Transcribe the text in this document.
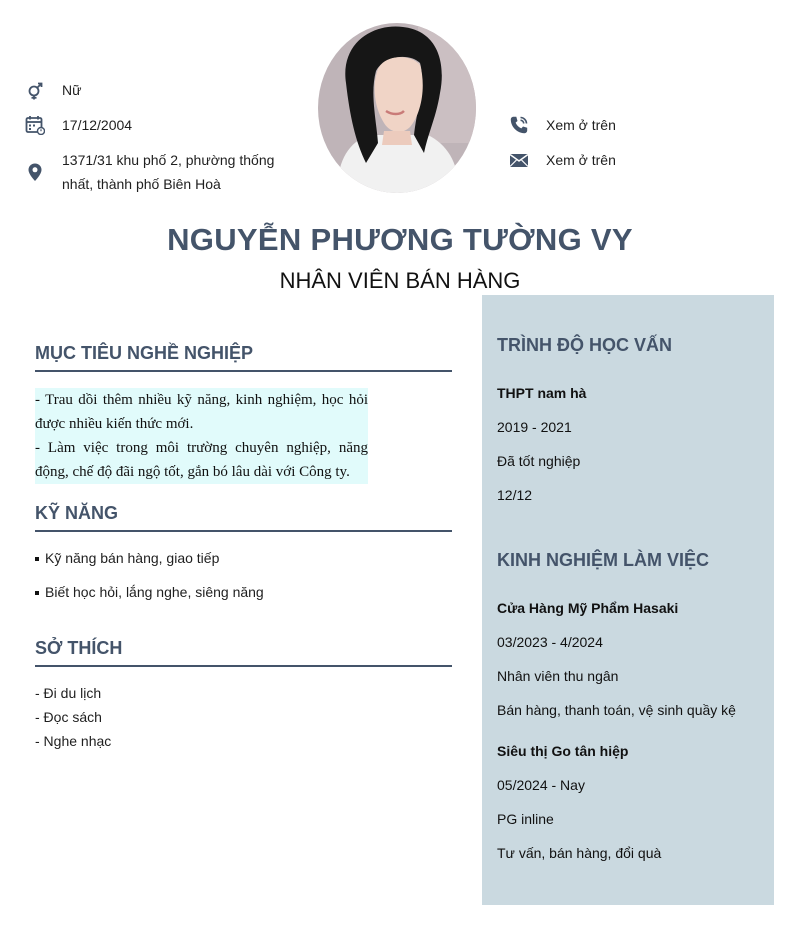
Nữ
17/12/2004
1371/31 khu phố 2, phường thống
nhất, thành phố Biên Hoà
Xem ở trên
Xem ở trên
NGUYỄN PHƯƠNG TƯỜNG VY
NHÂN VIÊN BÁN HÀNG
MỤC TIÊU NGHỀ NGHIỆP
- Trau dồi thêm nhiều kỹ năng, kinh nghiệm, học hỏi được nhiều kiến thức mới.
- Làm việc trong môi trường chuyên nghiệp, năng động, chế độ đãi ngộ tốt, gắn bó lâu dài với Công ty.
KỸ NĂNG
Kỹ năng bán hàng, giao tiếp
Biết học hỏi, lắng nghe, siêng năng
SỞ THÍCH
- Đi du lịch
- Đọc sách
- Nghe nhạc
TRÌNH ĐỘ HỌC VẤN
THPT nam hà
2019 - 2021
Đã tốt nghiệp
12/12
KINH NGHIỆM LÀM VIỆC
Cửa Hàng Mỹ Phẩm Hasaki
03/2023 - 4/2024
Nhân viên thu ngân
Bán hàng, thanh toán, vệ sinh quầy kệ
Siêu thị Go tân hiệp
05/2024 - Nay
PG inline
Tư vấn, bán hàng, đổi quà
